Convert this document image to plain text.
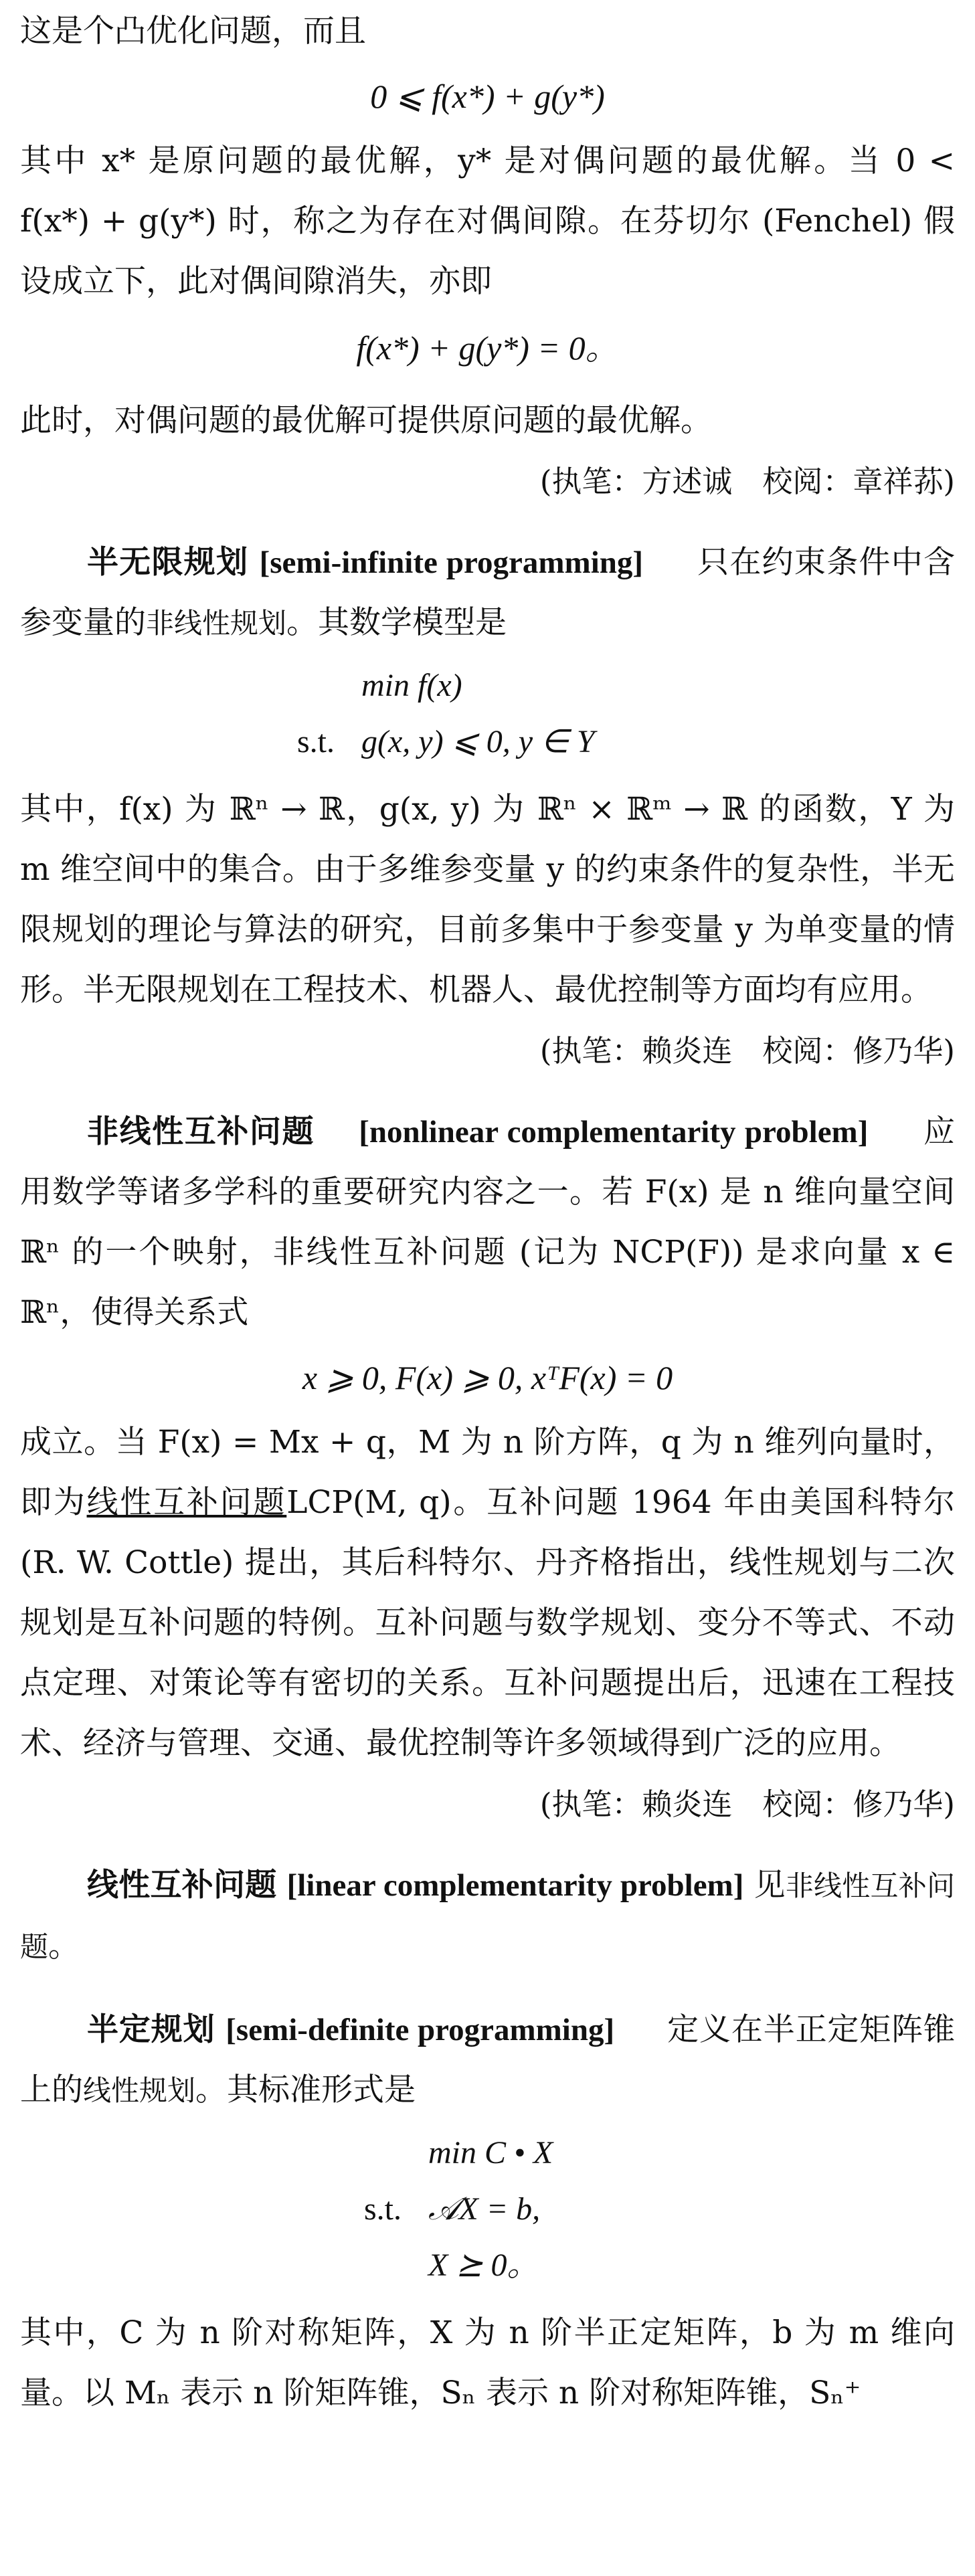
这是个凸优化问题，而且

0 ⩽ f(x*) + g(y*)

其中 x* 是原问题的最优解，y* 是对偶问题的最优解。当 0 < f(x*) + g(y*) 时，称之为存在对偶间隙。在芬切尔 (Fenchel) 假设成立下，此对偶间隙消失，亦即

f(x*) + g(y*) = 0。

此时，对偶问题的最优解可提供原问题的最优解。

(执笔：方述诚　校阅：章祥荪)

半无限规划 [semi-infinite programming] 只在约束条件中含参变量的非线性规划。其数学模型是

min f(x)
s.t. g(x, y) ⩽ 0, y ∈ Y

其中，f(x) 为 ℝⁿ → ℝ，g(x, y) 为 ℝⁿ × ℝᵐ → ℝ 的函数，Y 为 m 维空间中的集合。由于多维参变量 y 的约束条件的复杂性，半无限规划的理论与算法的研究，目前多集中于参变量 y 为单变量的情形。半无限规划在工程技术、机器人、最优控制等方面均有应用。

(执笔：赖炎连　校阅：修乃华)

非线性互补问题 [nonlinear complementarity problem] 应用数学等诸多学科的重要研究内容之一。若 F(x) 是 n 维向量空间 ℝⁿ 的一个映射，非线性互补问题 (记为 NCP(F)) 是求向量 x ∈ ℝⁿ，使得关系式

x ⩾ 0, F(x) ⩾ 0, xᵀF(x) = 0

成立。当 F(x) = Mx + q，M 为 n 阶方阵，q 为 n 维列向量时，即为线性互补问题LCP(M, q)。互补问题 1964 年由美国科特尔 (R. W. Cottle) 提出，其后科特尔、丹齐格指出，线性规划与二次规划是互补问题的特例。互补问题与数学规划、变分不等式、不动点定理、对策论等有密切的关系。互补问题提出后，迅速在工程技术、经济与管理、交通、最优控制等许多领域得到广泛的应用。

(执笔：赖炎连　校阅：修乃华)

线性互补问题 [linear complementarity problem] 见非线性互补问题。

半定规划 [semi-definite programming] 定义在半正定矩阵锥上的线性规划。其标准形式是

min C • X
s.t. 𝒜X = b,
X ⪰ 0。

其中，C 为 n 阶对称矩阵，X 为 n 阶半正定矩阵，b 为 m 维向量。以 Mₙ 表示 n 阶矩阵锥，Sₙ 表示 n 阶对称矩阵锥，Sₙ⁺
